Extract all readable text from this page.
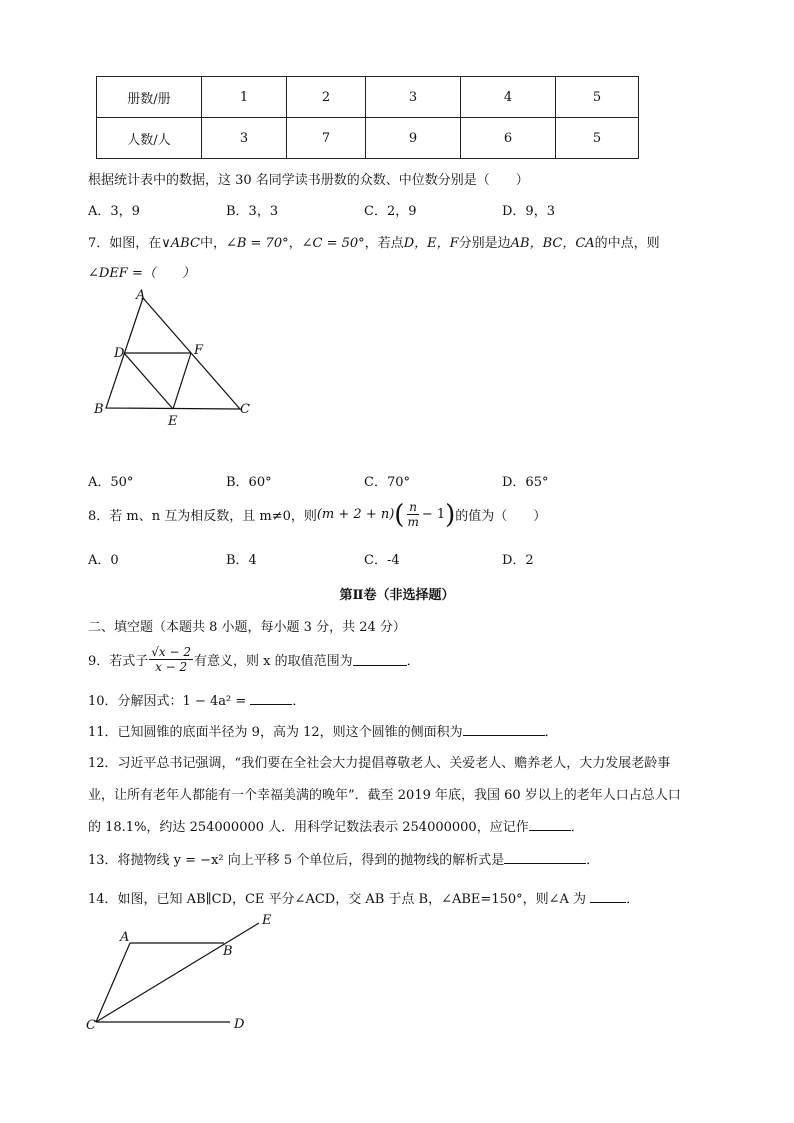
册数/册	1	2	3	4	5
人数/人	3	7	9	6	5
根据统计表中的数据，这 30 名同学读书册数的众数、中位数分别是（　　）
A．3，9	B．3，3	C．2，9	D．9，3
7．如图，在∨ABC中，∠B = 70°，∠C = 50°，若点D，E，F分别是边AB，BC，CA的中点，则
∠DEF =（　　）
A
B	C
D
E
F
A．50°	B．60°	C．70°	D．65°
8．若 m、n 互为相反数，且 m≠0，则 (m + 2 + n) ( $\frac{n}{m} - 1$ ) 的值为（　　）
A．0	B．4	C．-4	D．2
第Ⅱ卷（非选择题）
二、填空题（本题共 8 小题，每小题 3 分，共 24 分）
9．若式子 $\frac{√x - 2}{x - 2}$ 有意义，则 x 的取值范围为	．
10．分解因式：1 − 4a² =	．
11．已知圆锥的底面半径为 9，高为 12，则这个圆锥的侧面积为	．
12．习近平总书记强调，“我们要在全社会大力提倡尊敬老人、关爱老人、赡养老人，大力发展老龄事
业，让所有老年人都能有一个幸福美满的晚年”．截至 2019 年底，我国 60 岁以上的老年人口占总人口
的 18.1%，约达 254000000 人．用科学记数法表示 254000000，应记作	．
13．将抛物线 y = −x² 向上平移 5 个单位后，得到的抛物线的解析式是	．
14．如图，已知 AB∥CD，CE 平分∠ACD，交 AB 于点 B，∠ABE=150°，则∠A 为	．
A
B
C	D
E
